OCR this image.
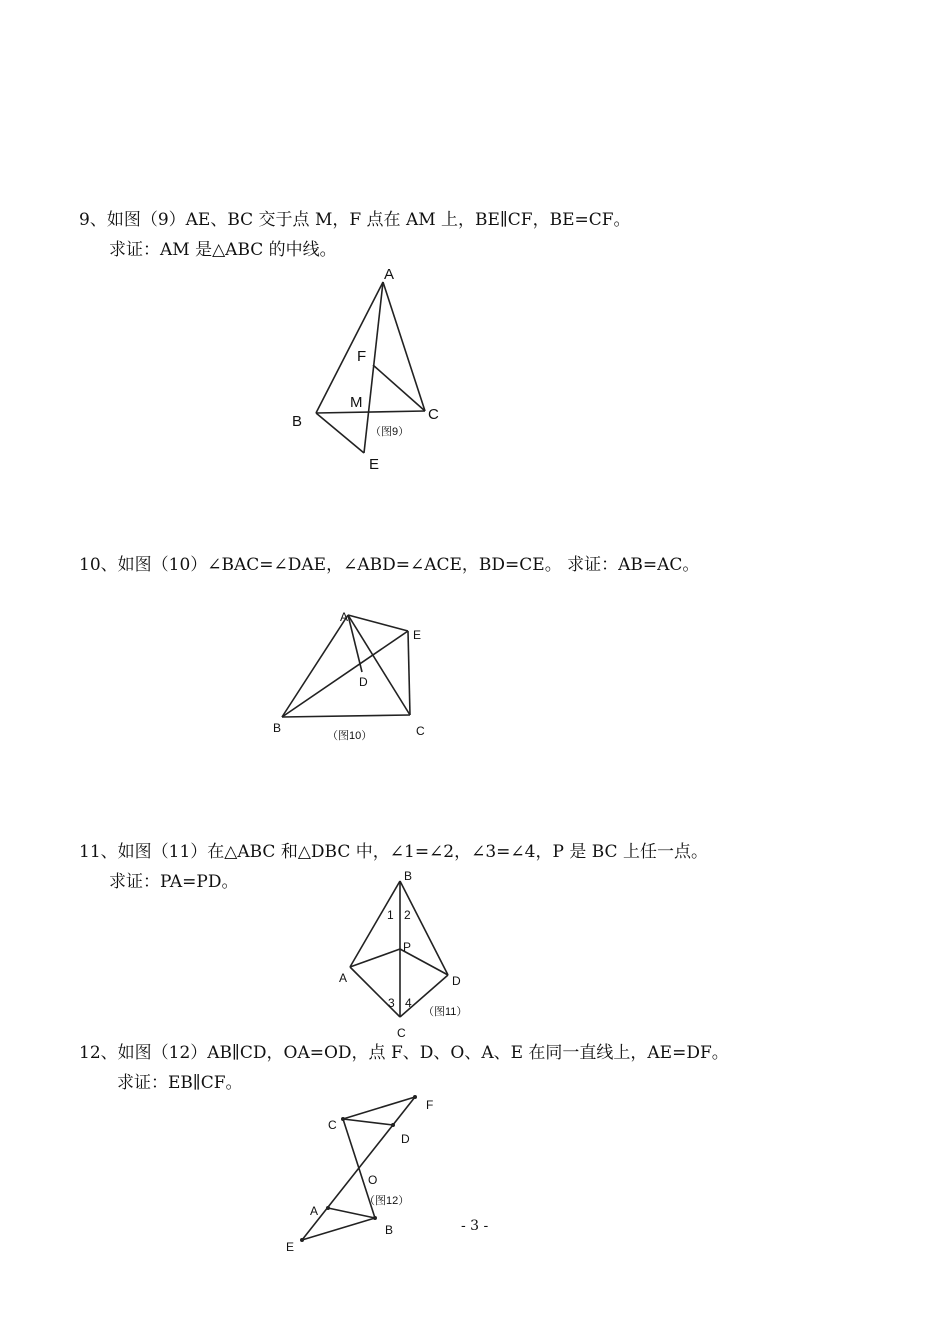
9、如图（9）AE、BC 交于点 M，F 点在 AM 上，BE∥CF，BE=CF。
求证：AM 是△ABC 的中线。
A
B	C
E
F
M
（图9）
10、如图（10）∠BAC=∠DAE，∠ABD=∠ACE，BD=CE。 求证：AB=AC。
A
B	C
D
E
（图10）
11、如图（11）在△ABC 和△DBC 中，∠1=∠2，∠3=∠4，P 是 BC 上任一点。
求证：PA=PD。	B
A
C
D
P
1 2
3 4
（图11）
12、如图（12）AB∥CD，OA=OD，点 F、D、O、A、E 在同一直线上，AE=DF。
求证：EB∥CF。
F
C
D
O
A
B
E
（图12）
- 3 -
